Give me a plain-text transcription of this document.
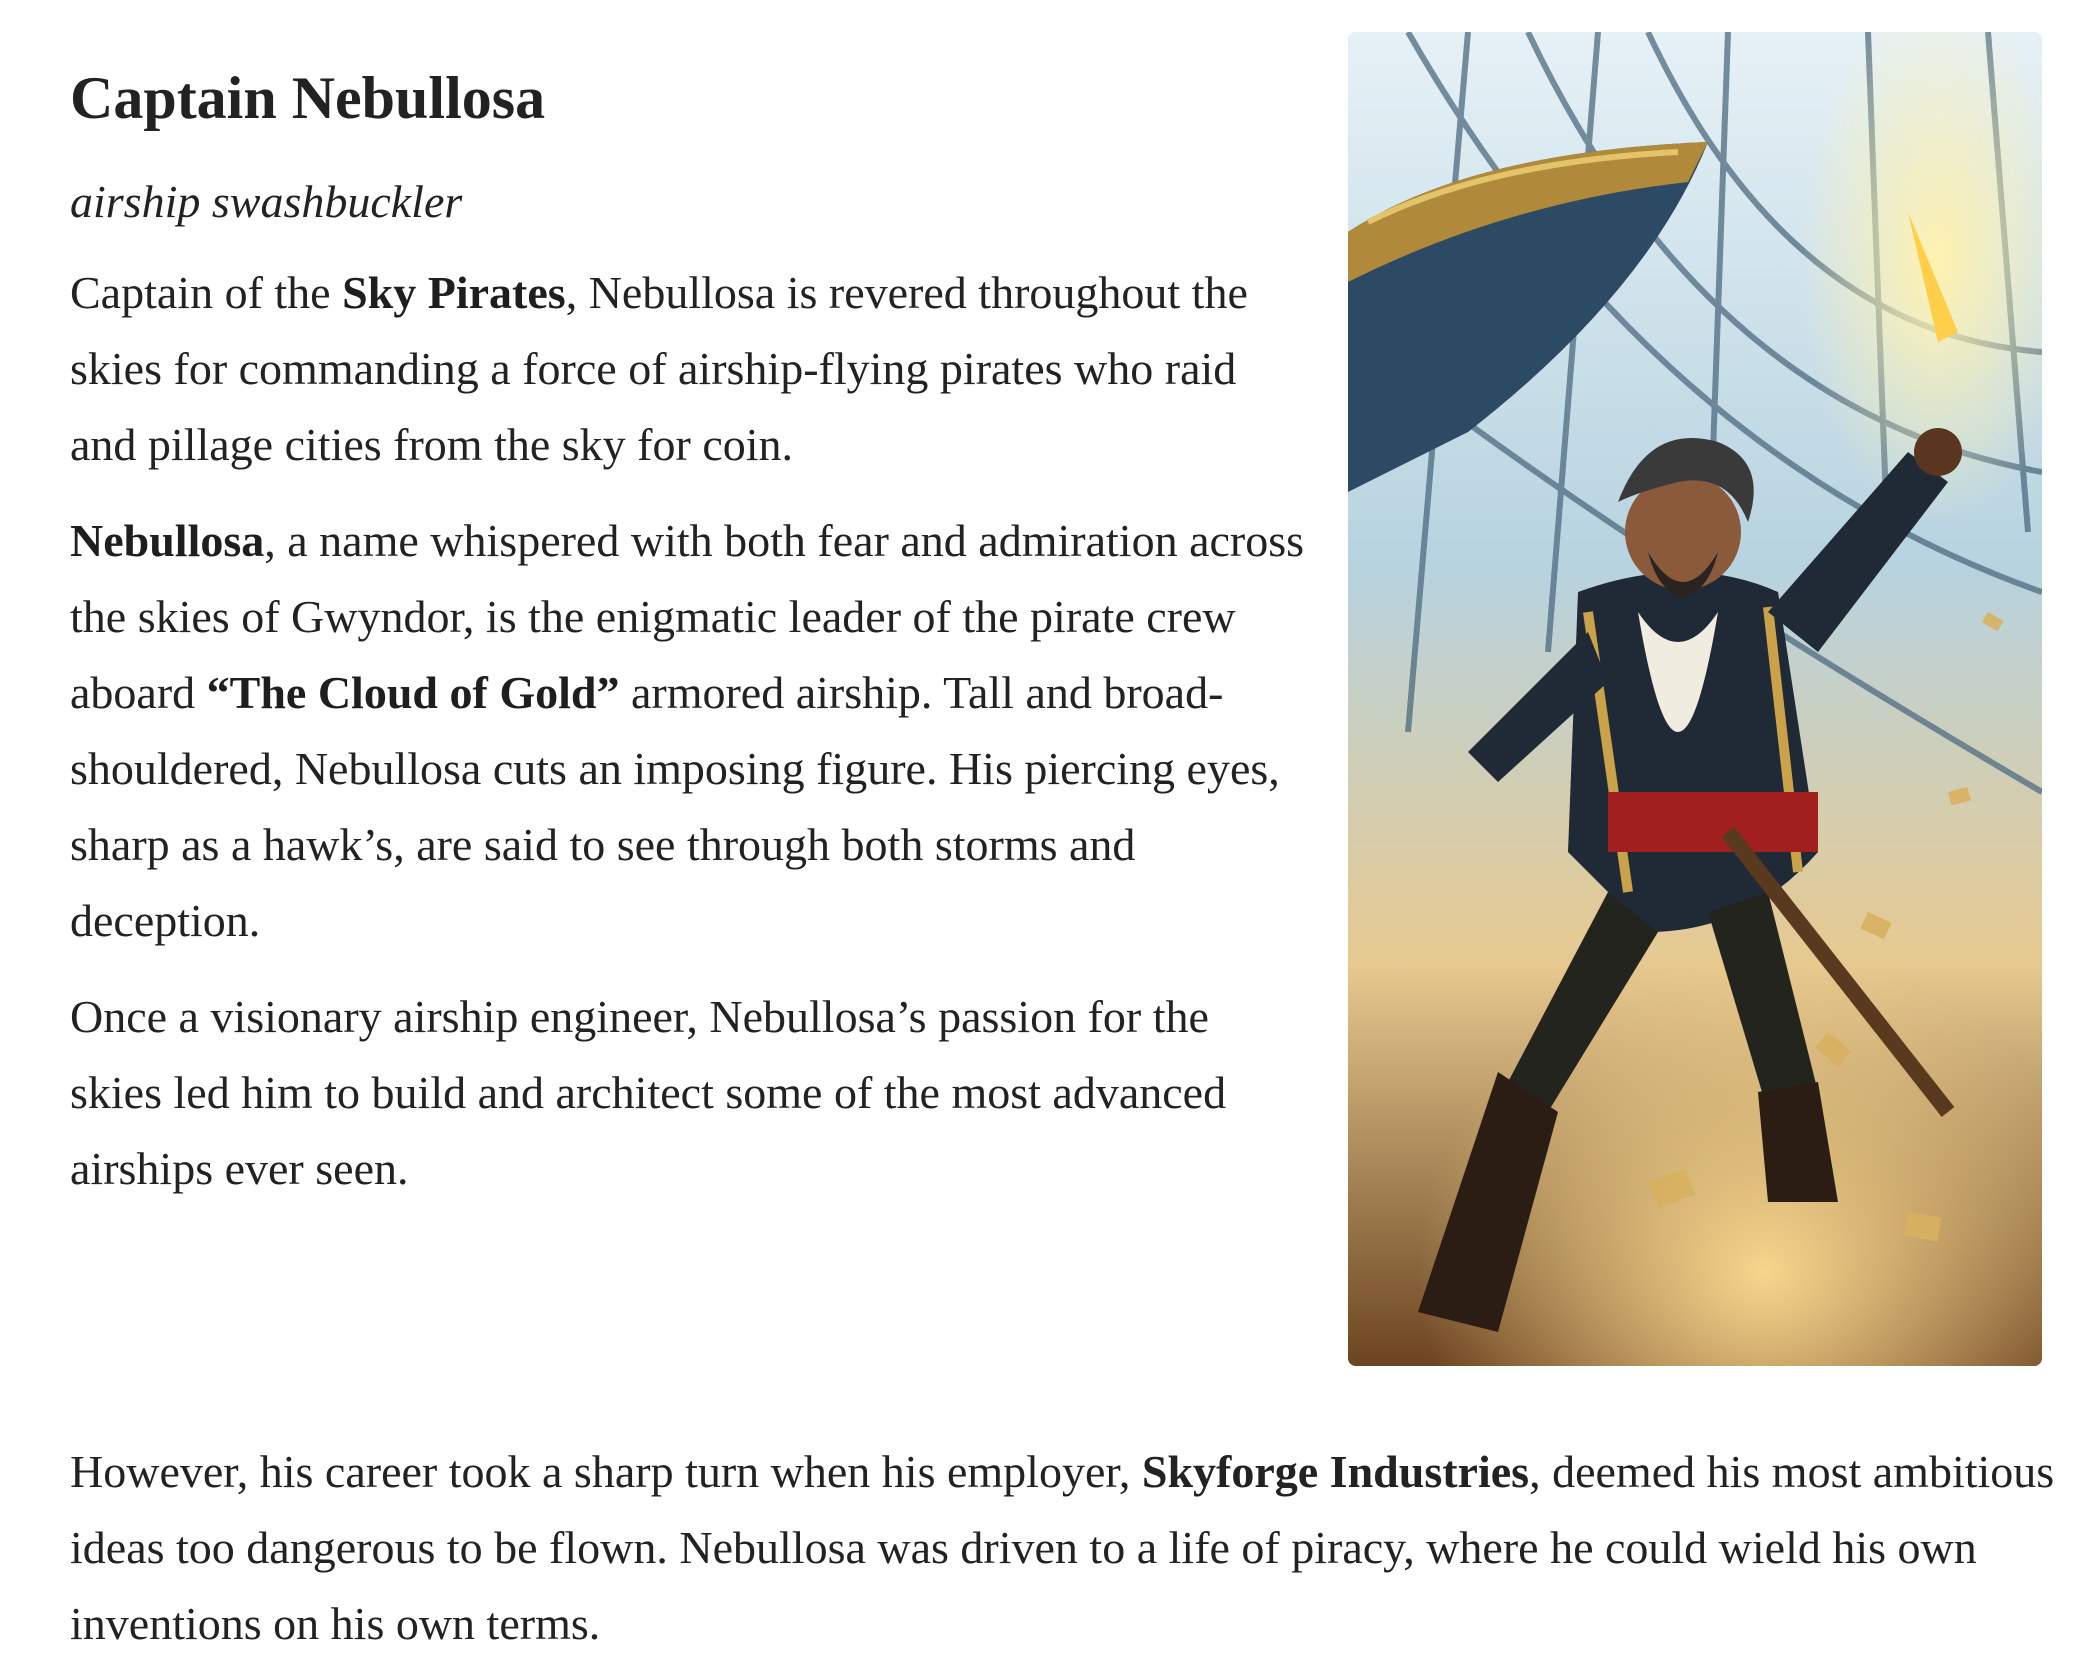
Captain Nebullosa
airship swashbuckler

Captain of the Sky Pirates, Nebullosa is revered throughout the skies for commanding a force of airship-flying pirates who raid and pillage cities from the sky for coin.

Nebullosa, a name whispered with both fear and admiration across the skies of Gwyndor, is the enigmatic leader of the pirate crew aboard “The Cloud of Gold” armored airship. Tall and broad-shouldered, Nebullosa cuts an imposing figure. His piercing eyes, sharp as a hawk’s, are said to see through both storms and deception.

Once a visionary airship engineer, Nebullosa’s passion for the skies led him to build and architect some of the most advanced airships ever seen.

However, his career took a sharp turn when his employer, Skyforge Industries, deemed his most ambitious ideas too dangerous to be flown. Nebullosa was driven to a life of piracy, where he could wield his own inventions on his own terms.
